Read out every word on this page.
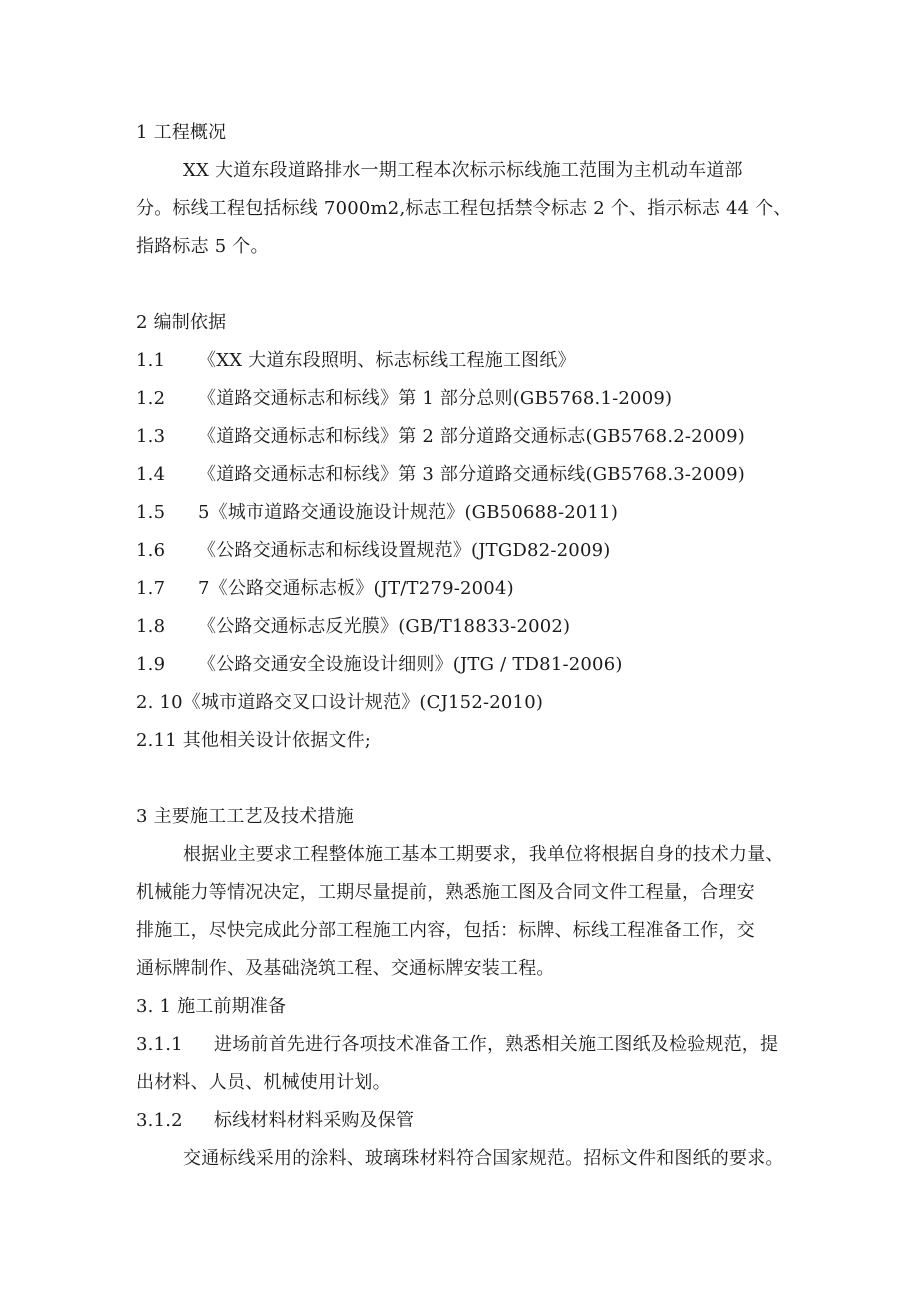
1 工程概况
XX 大道东段道路排水一期工程本次标示标线施工范围为主机动车道部
分。标线工程包括标线 7000m2,标志工程包括禁令标志 2 个、指示标志 44 个、
指路标志 5 个。
2 编制依据
1.1	《XX 大道东段照明、标志标线工程施工图纸》
1.2	《道路交通标志和标线》第 1 部分总则(GB5768.1-2009)
1.3	《道路交通标志和标线》第 2 部分道路交通标志(GB5768.2-2009)
1.4	《道路交通标志和标线》第 3 部分道路交通标线(GB5768.3-2009)
1.5	5《城市道路交通设施设计规范》(GB50688-2011)
1.6	《公路交通标志和标线设置规范》(JTGD82-2009)
1.7	7《公路交通标志板》(JT/T279-2004)
1.8	《公路交通标志反光膜》(GB/T18833-2002)
1.9	《公路交通安全设施设计细则》(JTG / TD81-2006)
2. 10《城市道路交叉口设计规范》(CJ152-2010)
2.11 其他相关设计依据文件;
3 主要施工工艺及技术措施
根据业主要求工程整体施工基本工期要求，我单位将根据自身的技术力量、
机械能力等情况决定，工期尽量提前，熟悉施工图及合同文件工程量，合理安
排施工，尽快完成此分部工程施工内容，包括：标牌、标线工程准备工作，交
通标牌制作、及基础浇筑工程、交通标牌安装工程。
3. 1 施工前期准备
3.1.1	进场前首先进行各项技术准备工作，熟悉相关施工图纸及检验规范，提
出材料、人员、机械使用计划。
3.1.2	标线材料材料采购及保管
交通标线采用的涂料、玻璃珠材料符合国家规范。招标文件和图纸的要求。
